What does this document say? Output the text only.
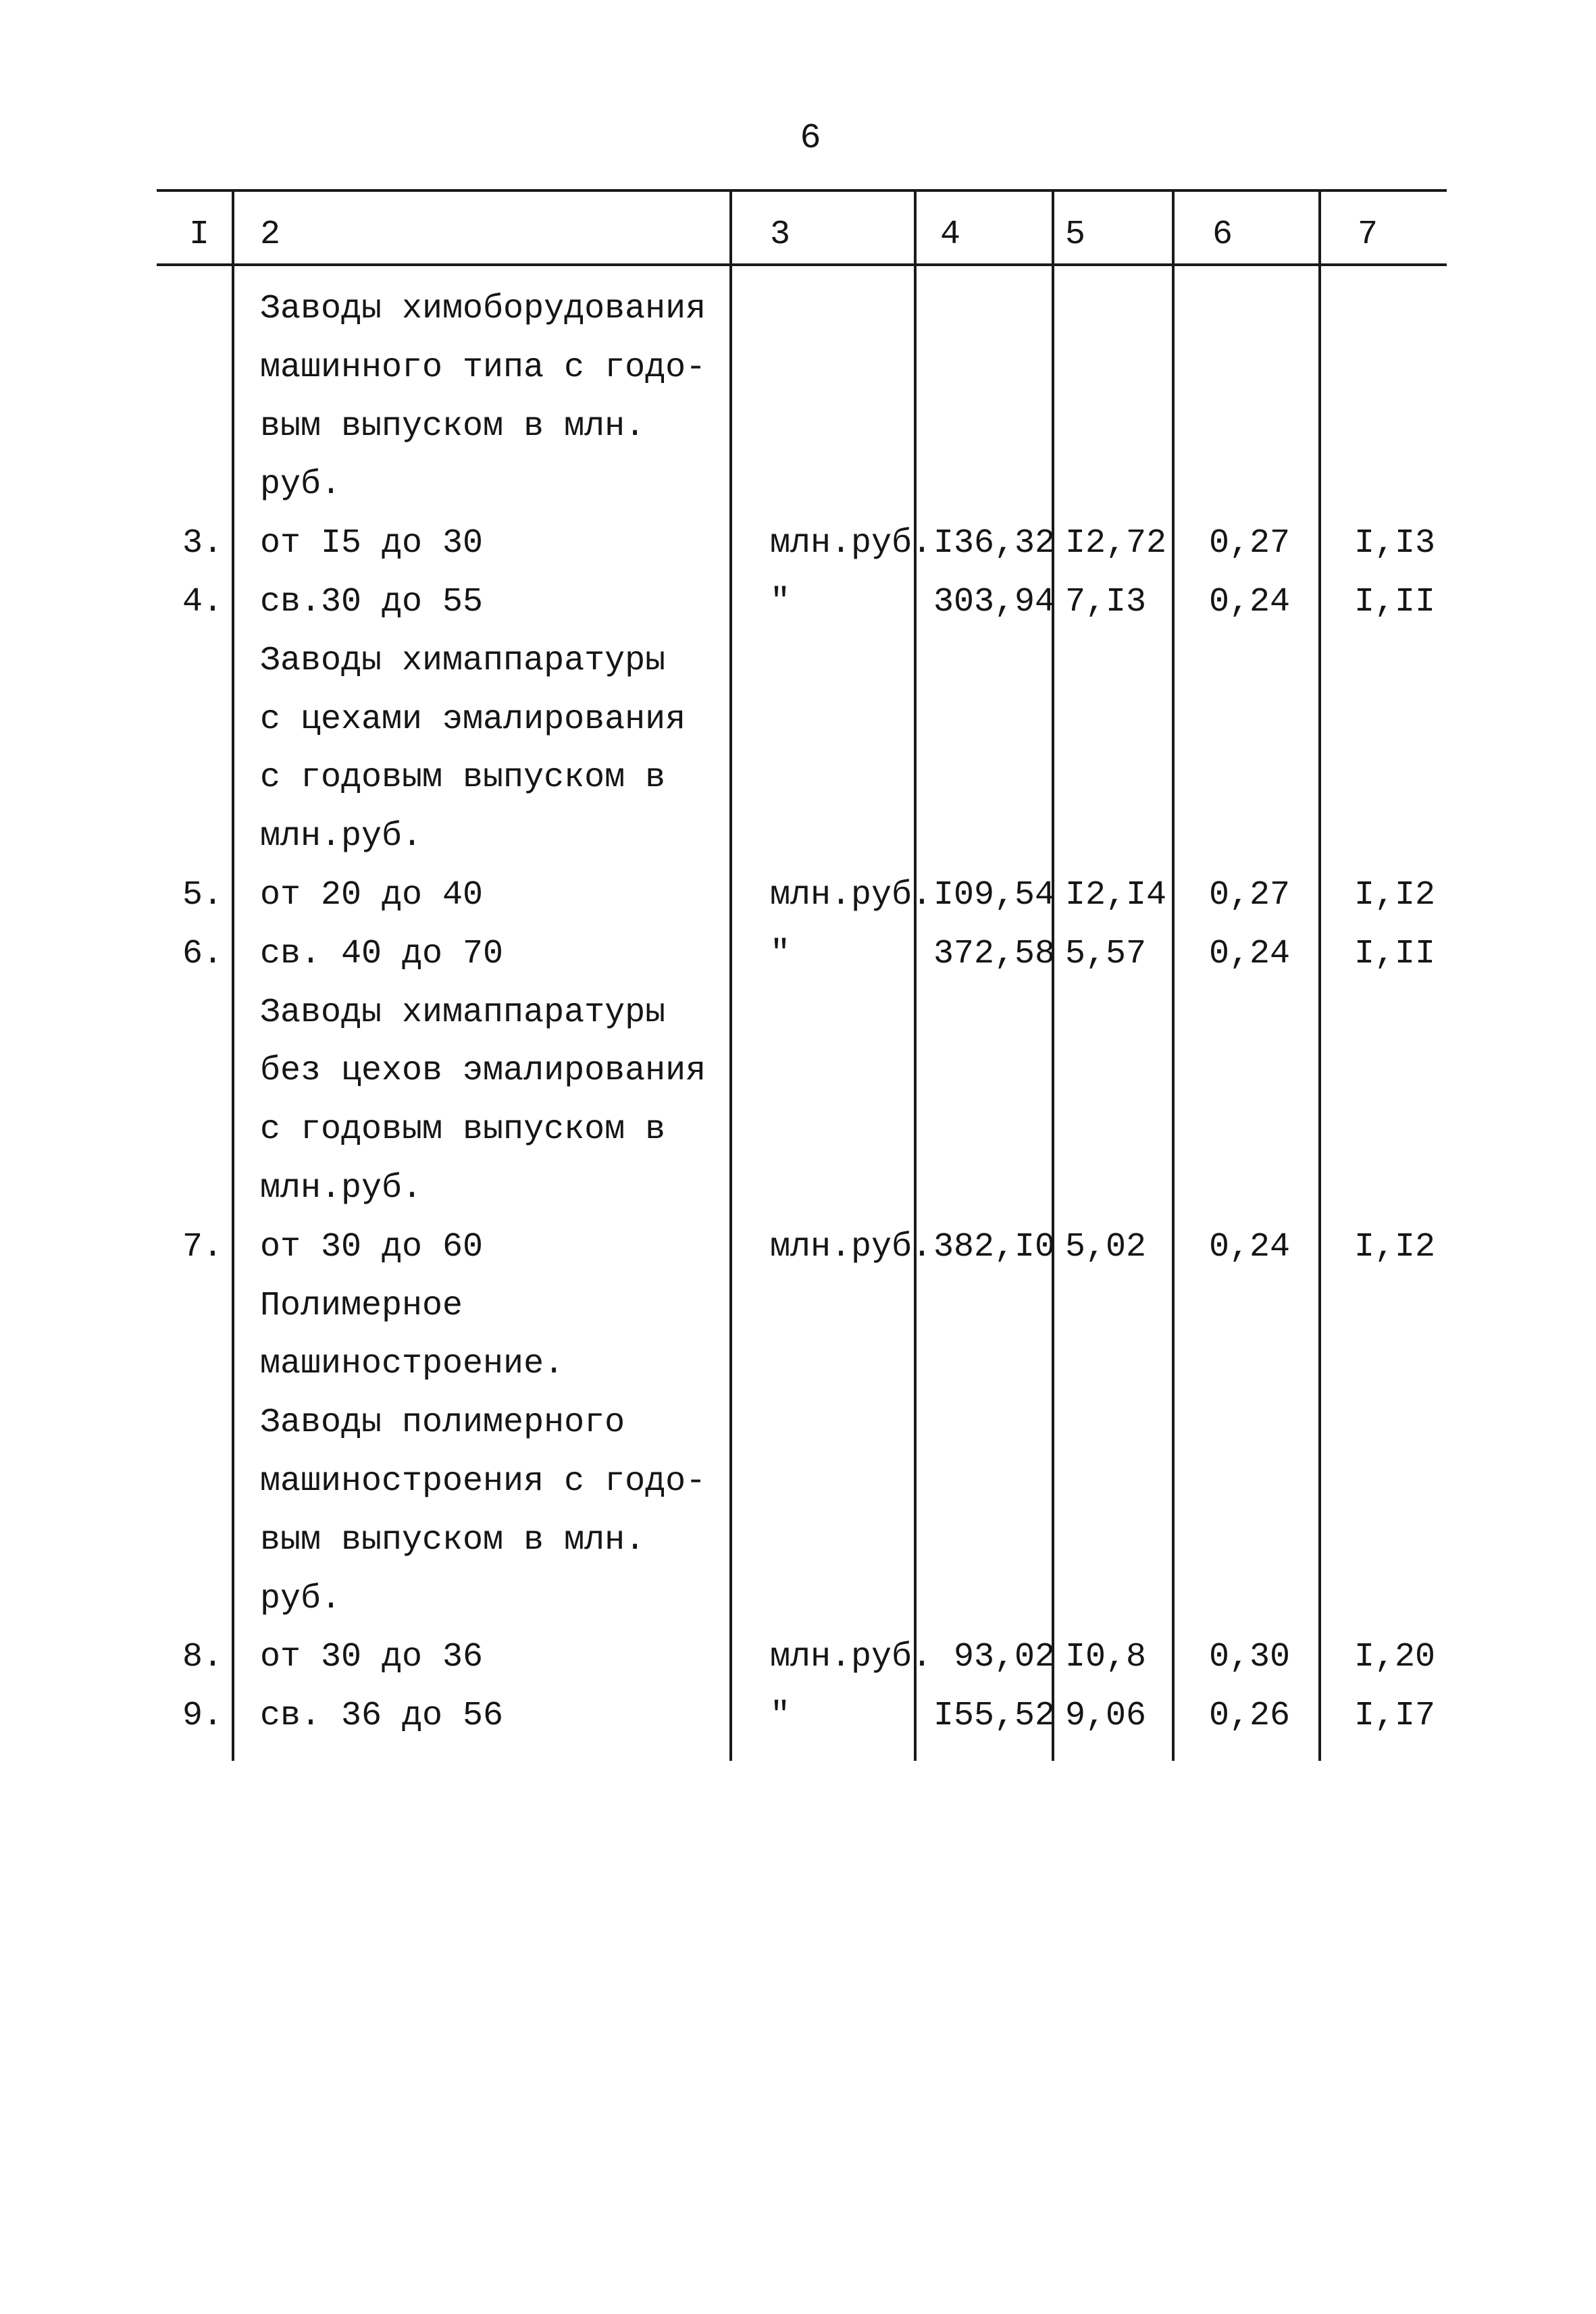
6
I 2	3	4	5	6	7
Заводы химоборудования
машинного типа с годо-
вым выпуском в млн.
руб.
3. от I5 до 30	млн.руб. I36,32 I2,72 0,27 I,I3
4. св.30 до 55	"	303,94 7,I3 0,24 I,II
Заводы химаппаратуры
с цехами эмалирования
с годовым выпуском в
млн.руб.
5. от 20 до 40	млн.руб. I09,54 I2,I4 0,27 I,I2
6. св. 40 до 70	"	372,58 5,57 0,24 I,II
Заводы химаппаратуры
без цехов эмалирования
с годовым выпуском в
млн.руб.
7. от 30 до 60	млн.руб. 382,I0 5,02 0,24 I,I2
Полимерное
машиностроение.
Заводы полимерного
машиностроения с годо-
вым выпуском в млн.
руб.
8. от 30 до 36	млн.руб. 93,02 I0,8 0,30 I,20
9. св. 36 до 56	"	I55,52 9,06 0,26 I,I7
